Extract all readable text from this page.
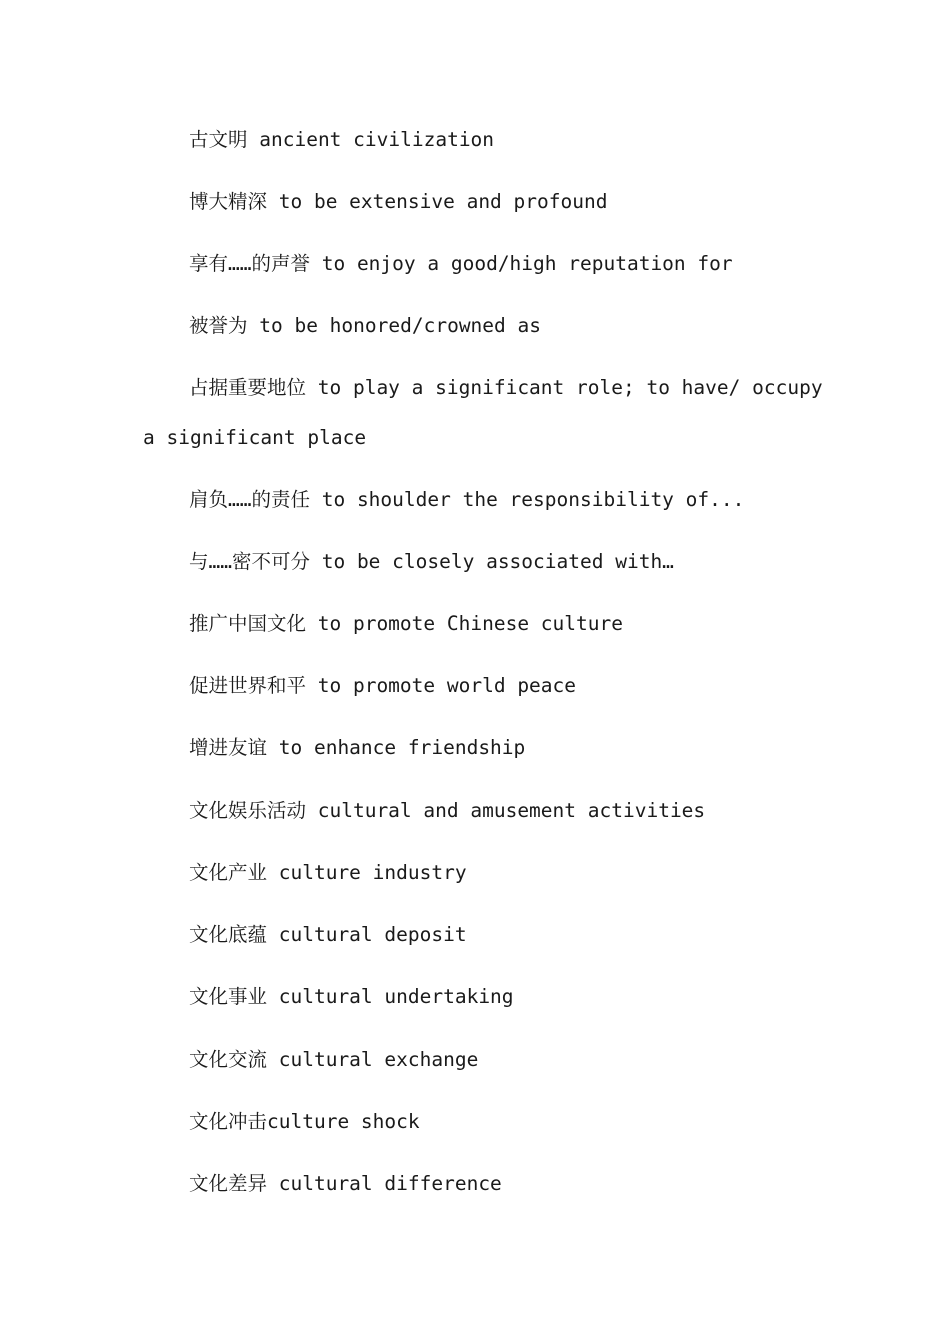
古文明 ancient civilization

博大精深 to be extensive and profound

享有……的声誉 to enjoy a good/high reputation for

被誉为 to be honored/crowned as

占据重要地位 to play a significant role; to have/ occupy a significant place

肩负……的责任 to shoulder the responsibility of...

与……密不可分 to be closely associated with…

推广中国文化 to promote Chinese culture

促进世界和平 to promote world peace

增进友谊 to enhance friendship

文化娱乐活动 cultural and amusement activities

文化产业 culture industry

文化底蕴 cultural deposit

文化事业 cultural undertaking

文化交流 cultural exchange

文化冲击culture shock

文化差异 cultural difference
